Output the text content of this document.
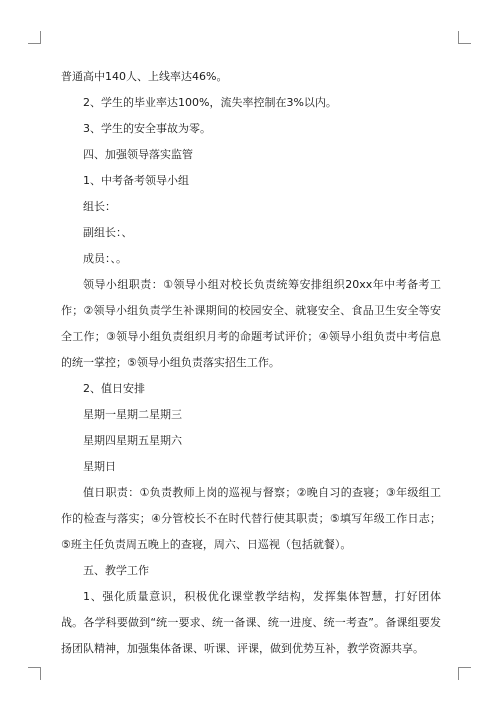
普通高中140人、上线率达46%。

2、学生的毕业率达100%，流失率控制在3%以内。

3、学生的安全事故为零。

四、加强领导落实监管

1、中考备考领导小组

组长：

副组长：、

成员：、。

领导小组职责：①领导小组对校长负责统筹安排组织20xx年中考备考工作；②领导小组负责学生补课期间的校园安全、就寝安全、食品卫生安全等安全工作；③领导小组负责组织月考的命题考试评价；④领导小组负责中考信息的统一掌控；⑤领导小组负责落实招生工作。

2、值日安排

星期一星期二星期三

星期四星期五星期六

星期日

值日职责：①负责教师上岗的巡视与督察；②晚自习的查寝；③年级组工作的检查与落实；④分管校长不在时代替行使其职责；⑤填写年级工作日志；⑤班主任负责周五晚上的查寝，周六、日巡视（包括就餐）。

五、教学工作

1、强化质量意识，积极优化课堂教学结构，发挥集体智慧，打好团体战。各学科要做到“统一要求、统一备课、统一进度、统一考查”。备课组要发扬团队精神，加强集体备课、听课、评课，做到优势互补，教学资源共享。
